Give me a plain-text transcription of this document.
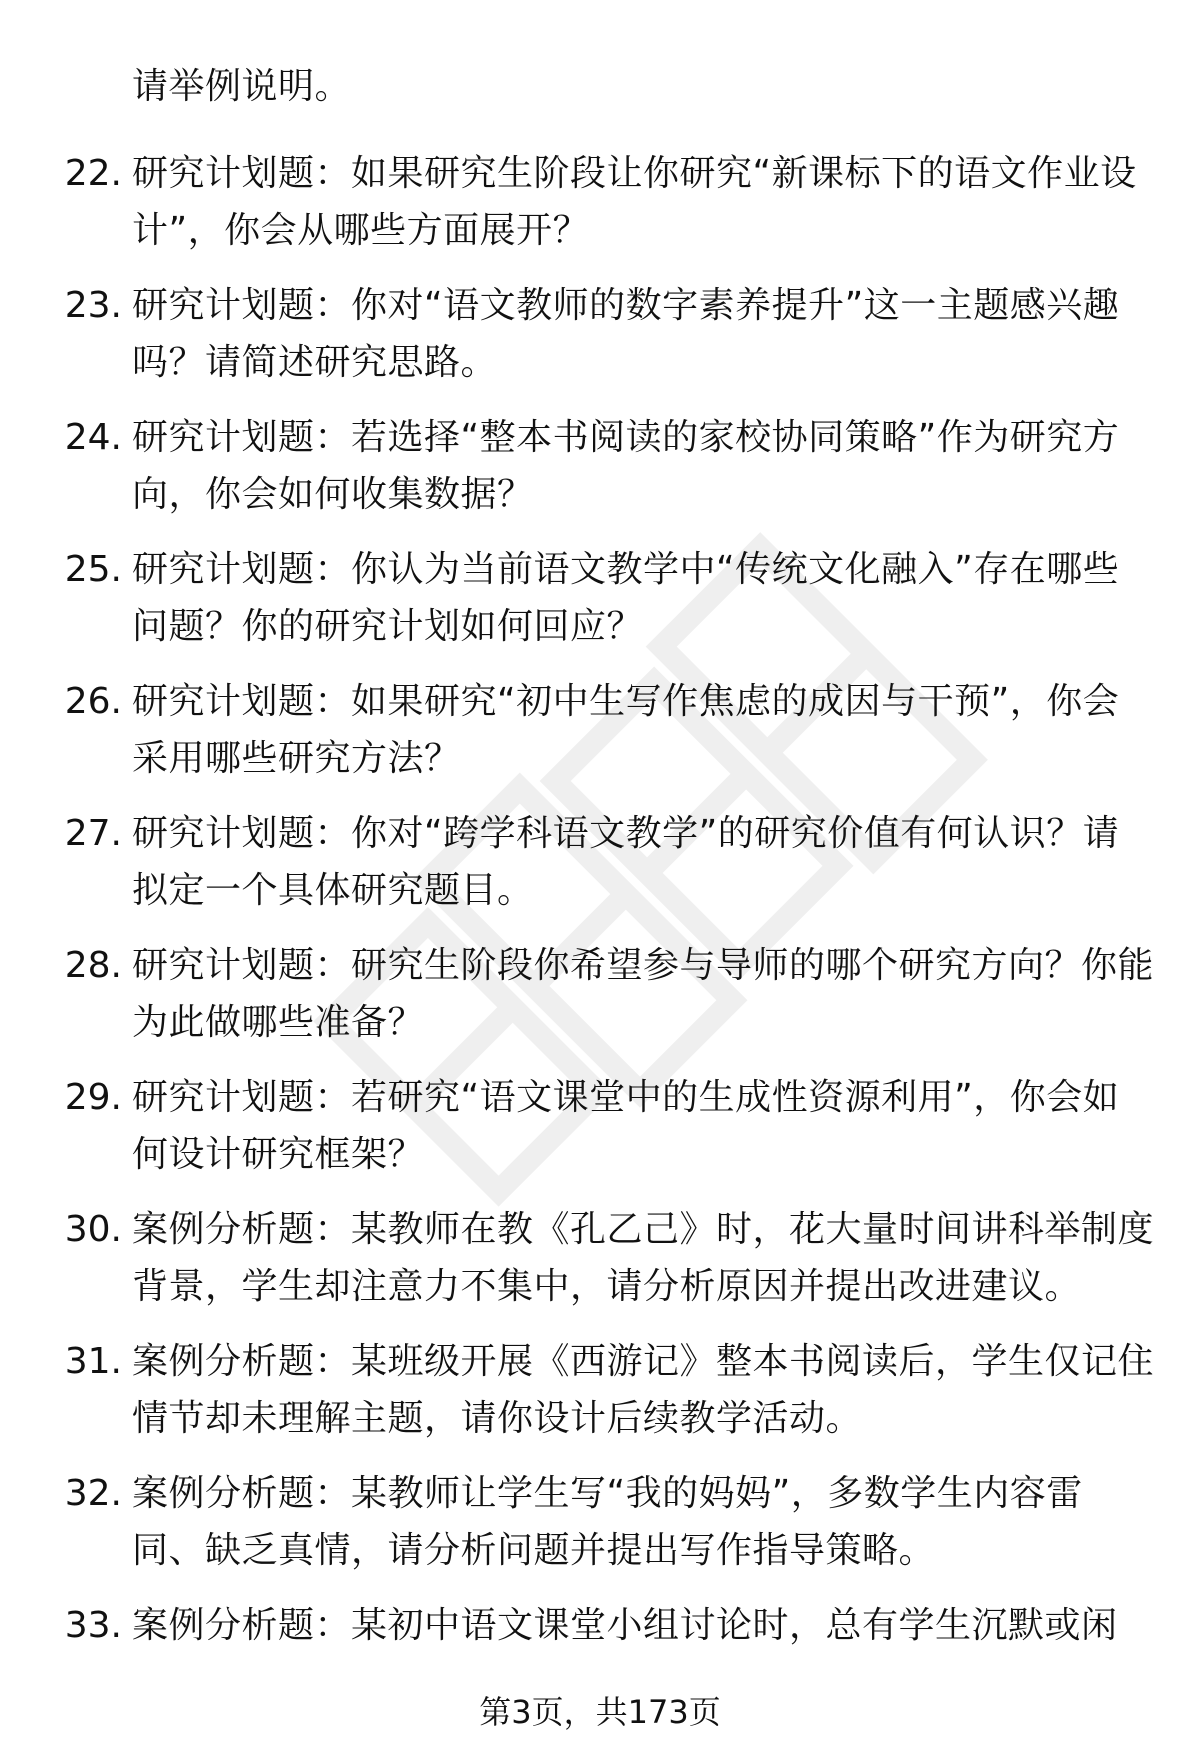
请举例说明。
22. 研究计划题：如果研究生阶段让你研究“新课标下的语文作业设
计”，你会从哪些方面展开？
23. 研究计划题：你对“语文教师的数字素养提升”这一主题感兴趣
吗？请简述研究思路。
24. 研究计划题：若选择“整本书阅读的家校协同策略”作为研究方
向，你会如何收集数据？
25. 研究计划题：你认为当前语文教学中“传统文化融入”存在哪些
问题？你的研究计划如何回应？
26. 研究计划题：如果研究“初中生写作焦虑的成因与干预”，你会
采用哪些研究方法？
27. 研究计划题：你对“跨学科语文教学”的研究价值有何认识？请
拟定一个具体研究题目。
28. 研究计划题：研究生阶段你希望参与导师的哪个研究方向？你能
为此做哪些准备？
29. 研究计划题：若研究“语文课堂中的生成性资源利用”，你会如
何设计研究框架？
30. 案例分析题：某教师在教《孔乙己》时，花大量时间讲科举制度
背景，学生却注意力不集中，请分析原因并提出改进建议。
31. 案例分析题：某班级开展《西游记》整本书阅读后，学生仅记住
情节却未理解主题，请你设计后续教学活动。
32. 案例分析题：某教师让学生写“我的妈妈”，多数学生内容雷
同、缺乏真情，请分析问题并提出写作指导策略。
33. 案例分析题：某初中语文课堂小组讨论时，总有学生沉默或闲
第3页，共173页
